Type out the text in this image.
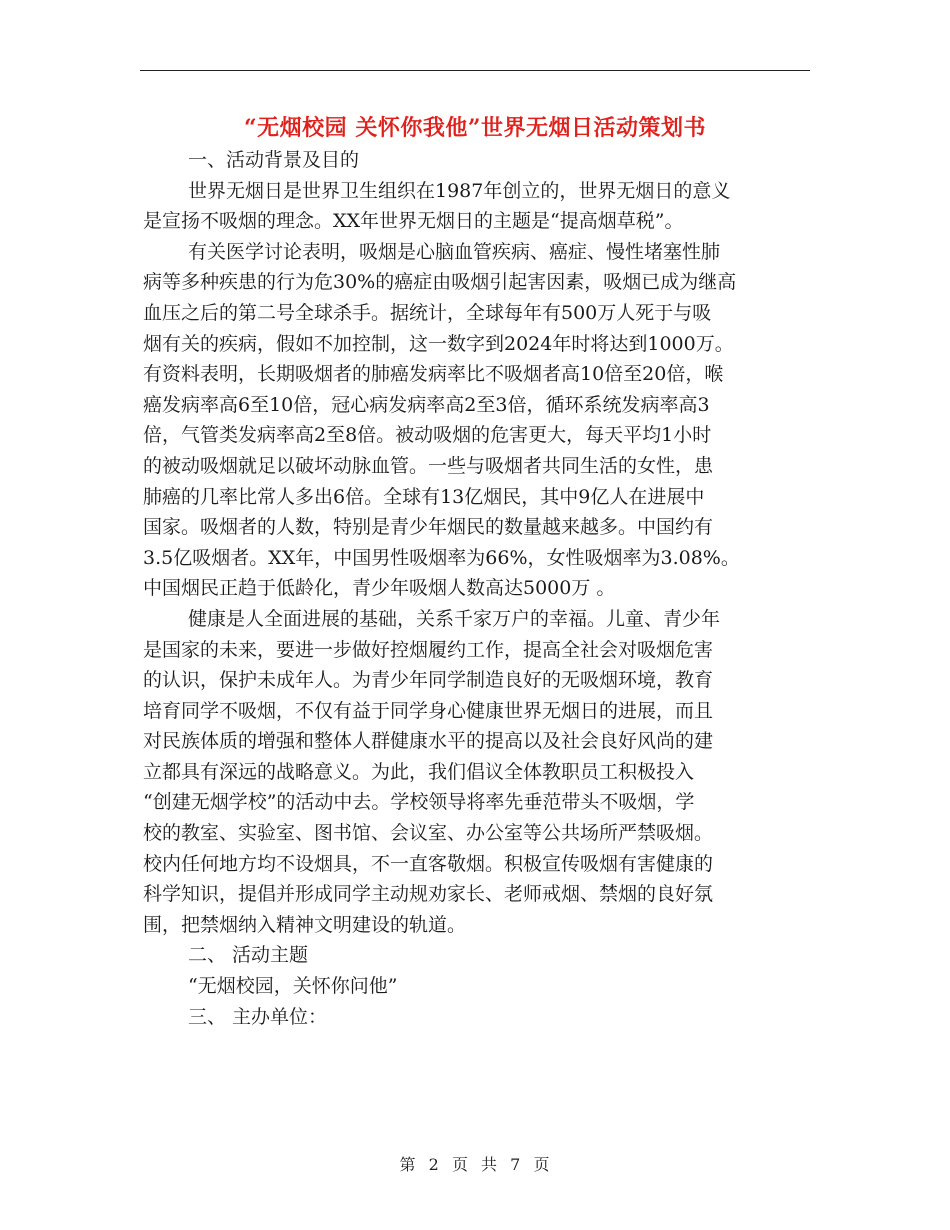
“无烟校园 关怀你我他”世界无烟日活动策划书
一、活动背景及目的
世界无烟日是世界卫生组织在1987年创立的，世界无烟日的意义
是宣扬不吸烟的理念。XX年世界无烟日的主题是“提高烟草税”。
有关医学讨论表明，吸烟是心脑血管疾病、癌症、慢性堵塞性肺
病等多种疾患的行为危30%的癌症由吸烟引起害因素，吸烟已成为继高
血压之后的第二号全球杀手。据统计，全球每年有500万人死于与吸
烟有关的疾病，假如不加控制，这一数字到2024年时将达到1000万。
有资料表明，长期吸烟者的肺癌发病率比不吸烟者高10倍至20倍，喉
癌发病率高6至10倍，冠心病发病率高2至3倍，循环系统发病率高3
倍，气管类发病率高2至8倍。被动吸烟的危害更大，每天平均1小时
的被动吸烟就足以破坏动脉血管。一些与吸烟者共同生活的女性，患
肺癌的几率比常人多出6倍。全球有13亿烟民，其中9亿人在进展中
国家。吸烟者的人数，特别是青少年烟民的数量越来越多。中国约有
3.5亿吸烟者。XX年，中国男性吸烟率为66%，女性吸烟率为3.08%。
中国烟民正趋于低龄化，青少年吸烟人数高达5000万 。
健康是人全面进展的基础，关系千家万户的幸福。儿童、青少年
是国家的未来，要进一步做好控烟履约工作，提高全社会对吸烟危害
的认识，保护未成年人。为青少年同学制造良好的无吸烟环境，教育
培育同学不吸烟，不仅有益于同学身心健康世界无烟日的进展，而且
对民族体质的增强和整体人群健康水平的提高以及社会良好风尚的建
立都具有深远的战略意义。为此，我们倡议全体教职员工积极投入
“创建无烟学校”的活动中去。学校领导将率先垂范带头不吸烟，学
校的教室、实验室、图书馆、会议室、办公室等公共场所严禁吸烟。
校内任何地方均不设烟具，不一直客敬烟。积极宣传吸烟有害健康的
科学知识，提倡并形成同学主动规劝家长、老师戒烟、禁烟的良好氛
围，把禁烟纳入精神文明建设的轨道。
二、 活动主题
“无烟校园，关怀你问他”
三、 主办单位：
第 2 页 共 7 页
